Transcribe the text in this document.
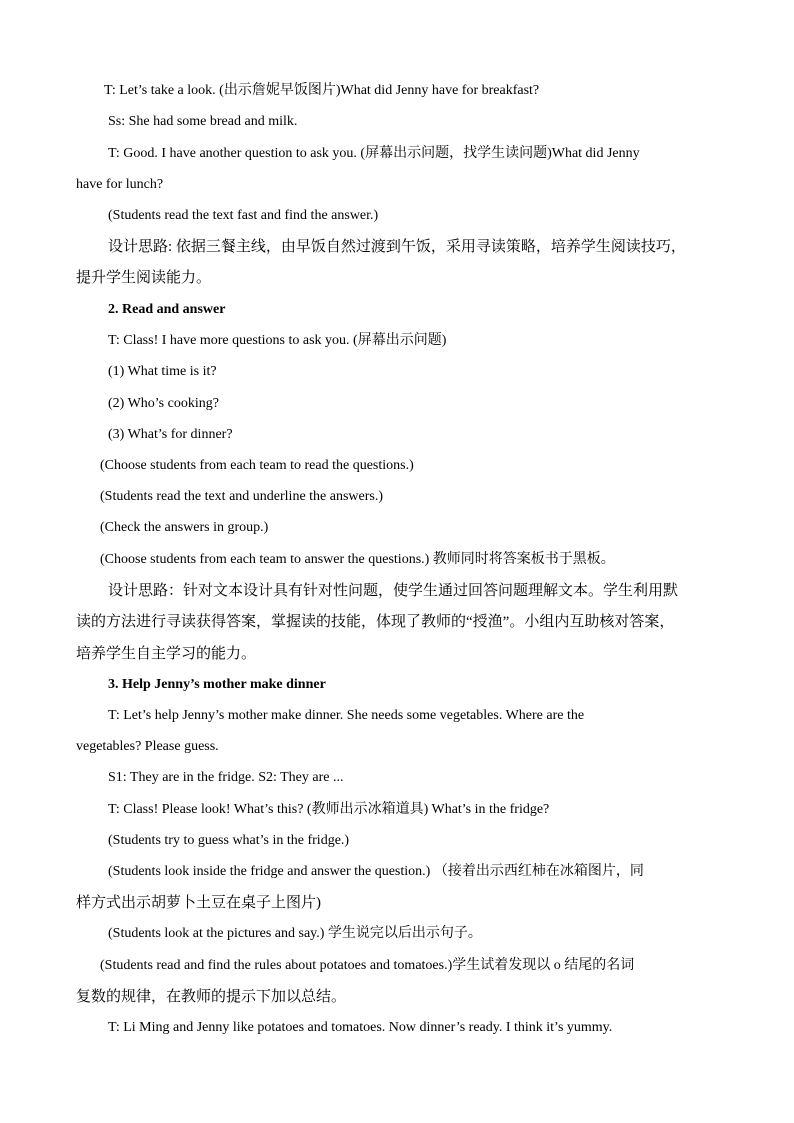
T: Let’s take a look. (出示詹妮早饭图片)What did Jenny have for breakfast?
Ss: She had some bread and milk.
T: Good. I have another question to ask you. (屏幕出示问题，找学生读问题)What did Jenny
have for lunch?
(Students read the text fast and find the answer.)
设计思路: 依据三餐主线，由早饭自然过渡到午饭，采用寻读策略，培养学生阅读技巧，
提升学生阅读能力。
2. Read and answer
T: Class! I have more questions to ask you. (屏幕出示问题)
(1) What time is it?
(2) Who’s cooking?
(3) What’s for dinner?
(Choose students from each team to read the questions.)
(Students read the text and underline the answers.)
(Check the answers in group.)
(Choose students from each team to answer the questions.) 教师同时将答案板书于黑板。
设计思路：针对文本设计具有针对性问题，使学生通过回答问题理解文本。学生利用默
读的方法进行寻读获得答案，掌握读的技能，体现了教师的“授渔”。小组内互助核对答案，
培养学生自主学习的能力。
3. Help Jenny’s mother make dinner
T: Let’s help Jenny’s mother make dinner. She needs some vegetables. Where are the
vegetables? Please guess.
S1: They are in the fridge. S2: They are ...
T: Class! Please look! What’s this? (教师出示冰箱道具) What’s in the fridge?
(Students try to guess what’s in the fridge.)
(Students look inside the fridge and answer the question.) （接着出示西红柿在冰箱图片，同
样方式出示胡萝卜土豆在桌子上图片)
(Students look at the pictures and say.) 学生说完以后出示句子。
(Students read and find the rules about potatoes and tomatoes.)学生试着发现以 o 结尾的名词
复数的规律，在教师的提示下加以总结。
T: Li Ming and Jenny like potatoes and tomatoes. Now dinner’s ready. I think it’s yummy.
